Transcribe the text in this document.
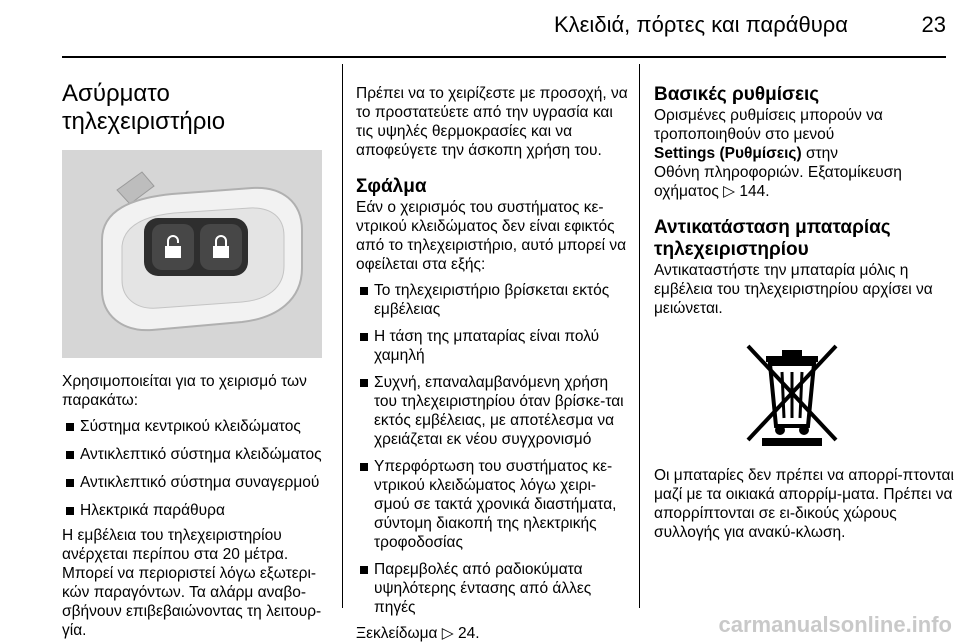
Κλειδιά, πόρτες και παράθυρα	23
Ασύρματο τηλεχειριστήριο

Χρησιμοποιείται για το χειρισμό των παρακάτω:

Σύστημα κεντρικού κλειδώματος
Αντικλεπτικό σύστημα κλειδώματος
Αντικλεπτικό σύστημα συναγερμού
Ηλεκτρικά παράθυρα

Η εμβέλεια του τηλεχειριστηρίου ανέρχεται περίπου στα 20 μέτρα. Μπορεί να περιοριστεί λόγω εξωτερι-κών παραγόντων. Τα αλάρμ αναβο-σβήνουν επιβεβαιώνοντας τη λειτουρ-γία.

Πρέπει να το χειρίζεστε με προσοχή, να το προστατεύετε από την υγρασία και τις υψηλές θερμοκρασίες και να αποφεύγετε την άσκοπη χρήση του.

Σφάλμα

Εάν ο χειρισμός του συστήματος κε-ντρικού κλειδώματος δεν είναι εφικτός από το τηλεχειριστήριο, αυτό μπορεί να οφείλεται στα εξής:

Το τηλεχειριστήριο βρίσκεται εκτός εμβέλειας
Η τάση της μπαταρίας είναι πολύ χαμηλή
Συχνή, επαναλαμβανόμενη χρήση του τηλεχειριστηρίου όταν βρίσκε-ται εκτός εμβέλειας, με αποτέλεσμα να χρειάζεται εκ νέου συγχρονισμό
Υπερφόρτωση του συστήματος κε-ντρικού κλειδώματος λόγω χειρι-σμού σε τακτά χρονικά διαστήματα, σύντομη διακοπή της ηλεκτρικής τροφοδοσίας
Παρεμβολές από ραδιοκύματα υψηλότερης έντασης από άλλες πηγές

Ξεκλείδωμα ▷ 24.

Βασικές ρυθμίσεις

Ορισμένες ρυθμίσεις μπορούν να τροποποιηθούν στο μενού
Settings (Ρυθμίσεις) στην
Οθόνη πληροφοριών. Εξατομίκευση οχήματος ▷ 144.

Αντικατάσταση μπαταρίας τηλεχειριστηρίου

Αντικαταστήστε την μπαταρία μόλις η εμβέλεια του τηλεχειριστηρίου αρχίσει να μειώνεται.

Οι μπαταρίες δεν πρέπει να απορρί-πτονται μαζί με τα οικιακά απορρίμ-ματα. Πρέπει να απορρίπτονται σε ει-δικούς χώρους συλλογής για ανακύ-κλωση.

carmanualsonline.info
